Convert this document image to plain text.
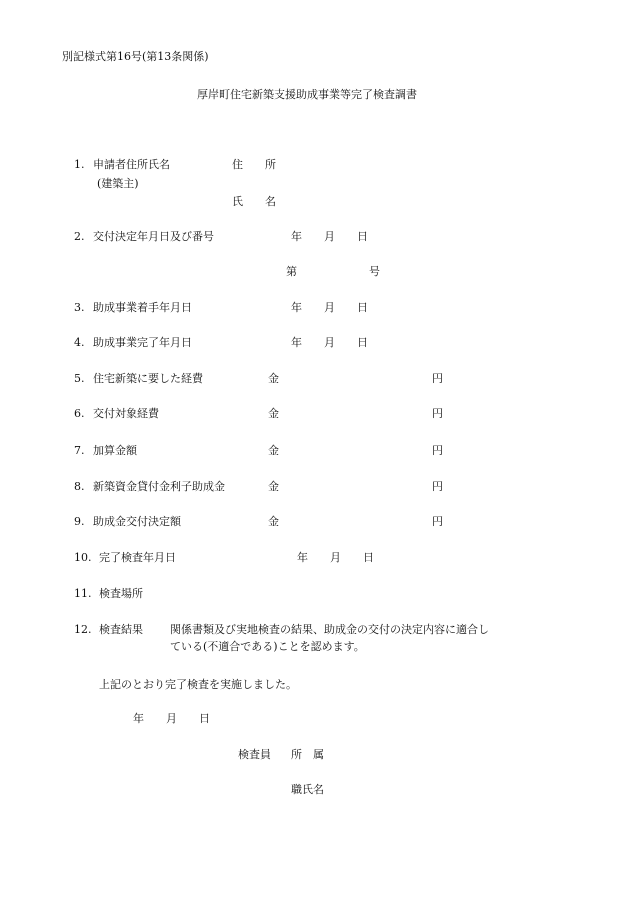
別記様式第16号(第13条関係)
厚岸町住宅新築支援助成事業等完了検査調書
1. 申請者住所氏名
(建築主)
住　　所
氏　　名
2. 交付決定年月日及び番号	年　　月　　日
第	号
3. 助成事業着手年月日	年　　月　　日
4. 助成事業完了年月日	年　　月　　日
5. 住宅新築に要した経費	金	円
6. 交付対象経費	金	円
7. 加算金額	金	円
8. 新築資金貸付金利子助成金	金	円
9. 助成金交付決定額	金	円
10. 完了検査年月日	年　　月　　日
11. 検査場所
12. 検査結果 関係書類及び実地検査の結果、助成金の交付の決定内容に適合し
ている(不適合である)ことを認めます。
上記のとおり完了検査を実施しました。
年　　月　　日
検査員 所　属
職氏名
